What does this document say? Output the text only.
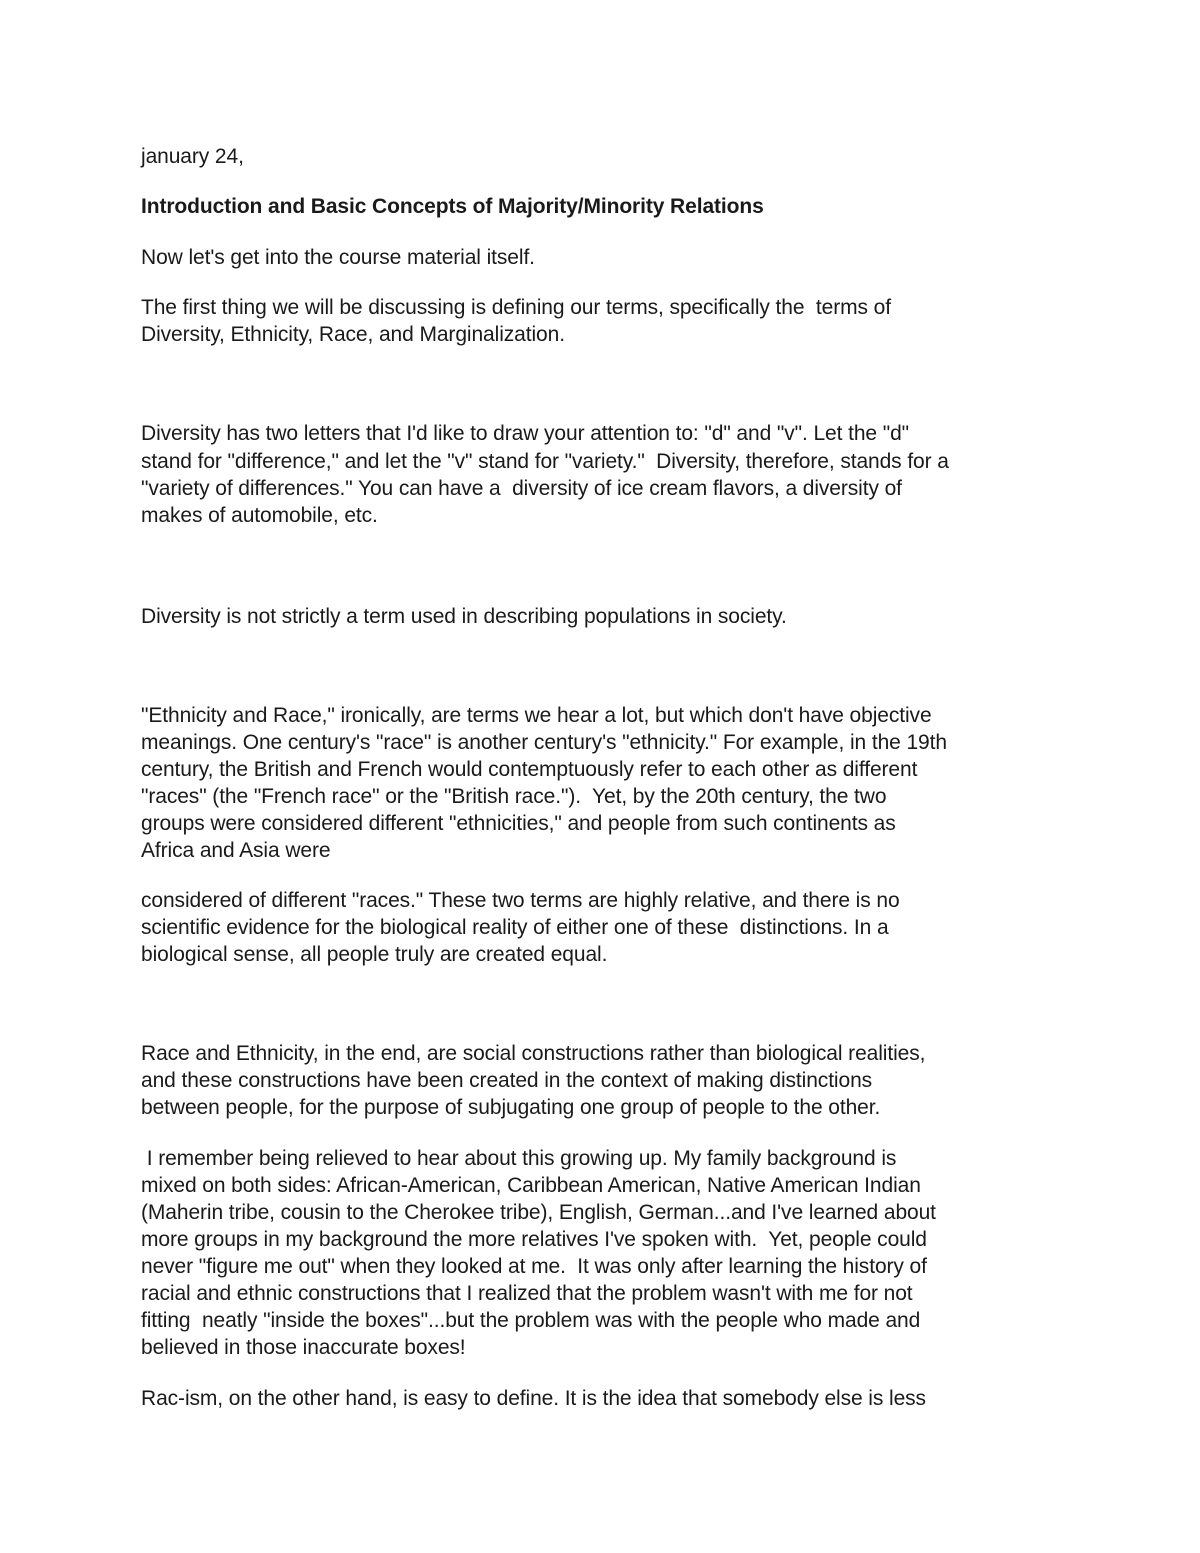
january 24,

Introduction and Basic Concepts of Majority/Minority Relations

Now let's get into the course material itself.

The first thing we will be discussing is defining our terms, specifically the  terms of

Diversity, Ethnicity, Race, and Marginalization.

Diversity has two letters that I'd like to draw your attention to: "d" and "v". Let the "d"

stand for "difference," and let the "v" stand for "variety."  Diversity, therefore, stands for a

"variety of differences." You can have a  diversity of ice cream flavors, a diversity of

makes of automobile, etc.

Diversity is not strictly a term used in describing populations in society.

"Ethnicity and Race," ironically, are terms we hear a lot, but which don't have objective

meanings. One century's "race" is another century's "ethnicity." For example, in the 19th

century, the British and French would contemptuously refer to each other as different

"races" (the "French race" or the "British race.").  Yet, by the 20th century, the two

groups were considered different "ethnicities," and people from such continents as

Africa and Asia were

considered of different "races." These two terms are highly relative, and there is no

scientific evidence for the biological reality of either one of these  distinctions. In a

biological sense, all people truly are created equal.

Race and Ethnicity, in the end, are social constructions rather than biological realities,

and these constructions have been created in the context of making distinctions

between people, for the purpose of subjugating one group of people to the other.

I remember being relieved to hear about this growing up. My family background is

mixed on both sides: African-American, Caribbean American, Native American Indian

(Maherin tribe, cousin to the Cherokee tribe), English, German...and I've learned about

more groups in my background the more relatives I've spoken with.  Yet, people could

never "figure me out" when they looked at me.  It was only after learning the history of

racial and ethnic constructions that I realized that the problem wasn't with me for not

fitting  neatly "inside the boxes"...but the problem was with the people who made and

believed in those inaccurate boxes!

Rac-ism, on the other hand, is easy to define. It is the idea that somebody else is less
